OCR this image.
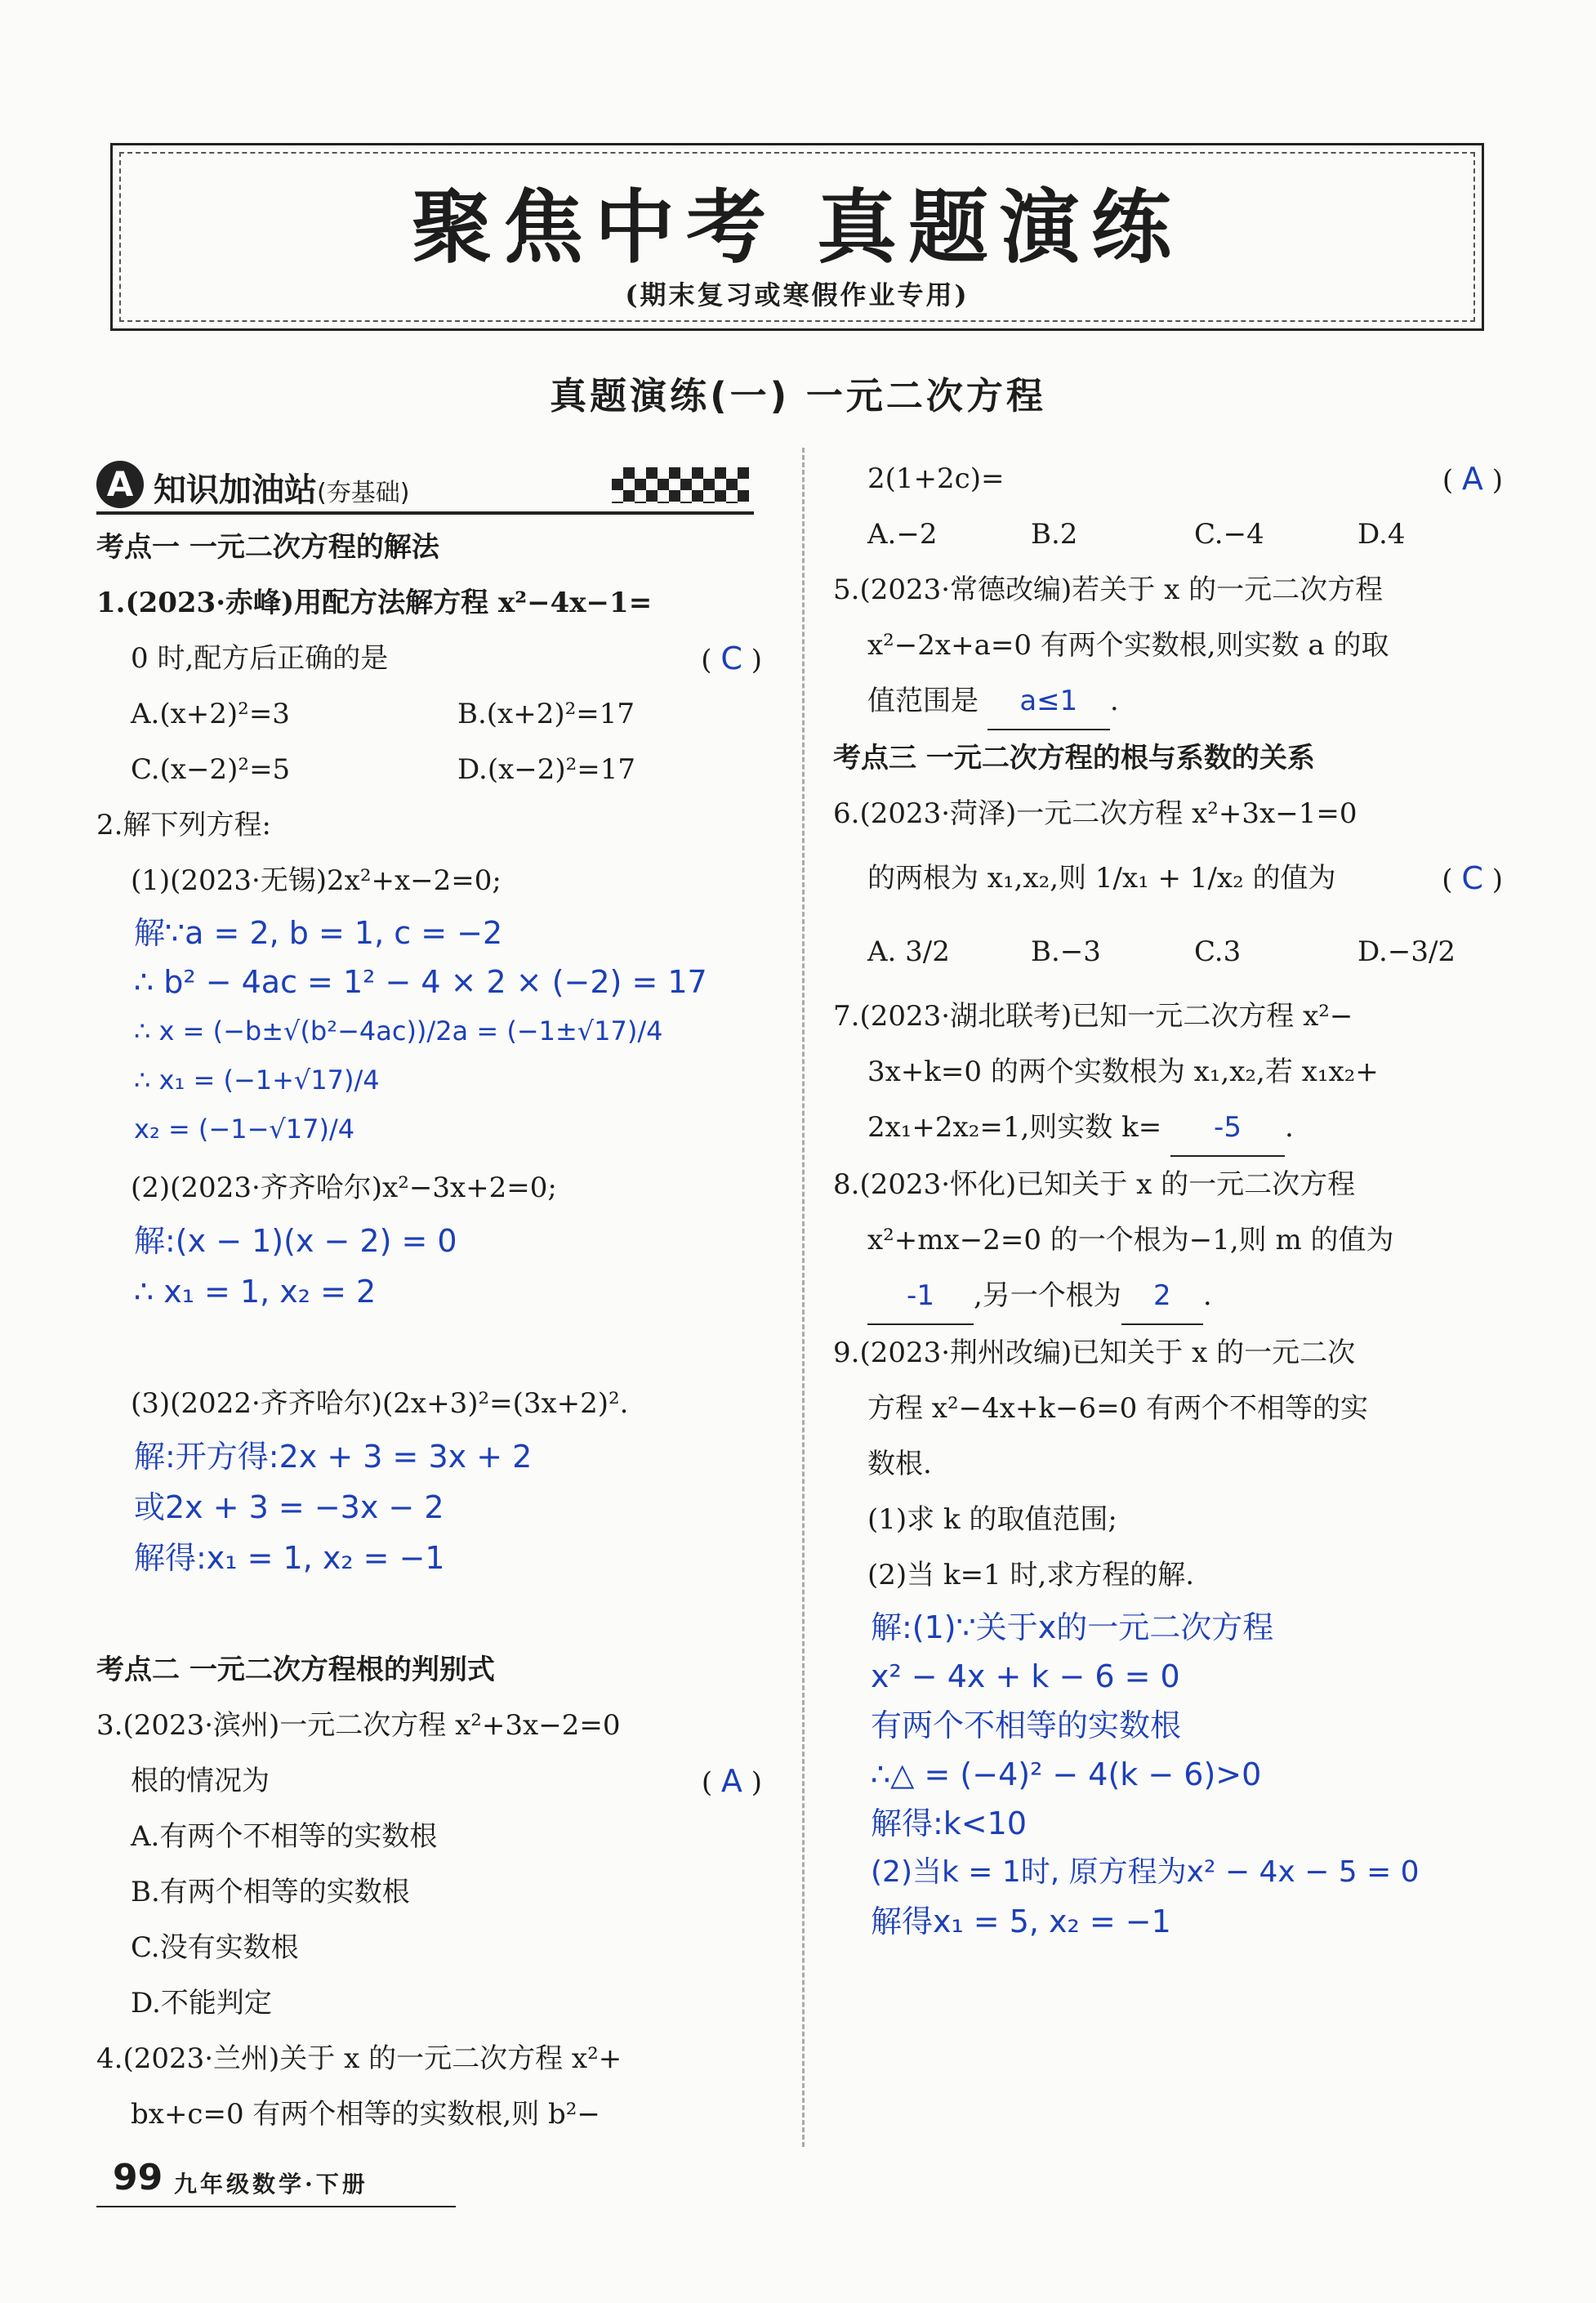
聚焦中考 真题演练
(期末复习或寒假作业专用)
真题演练(一) 一元二次方程
A 知识加油站(夯基础)
考点一 一元二次方程的解法
1.(2023·赤峰)用配方法解方程 x²−4x−1=
0 时,配方后正确的是	( C )
A.(x+2)²=3	B.(x+2)²=17
C.(x−2)²=5	D.(x−2)²=17
2.解下列方程:
(1)(2023·无锡)2x²+x−2=0;
解∵a = 2, b = 1, c = −2
∴ b² − 4ac = 1² − 4 × 2 × (−2) = 17
∴ x = (−b±√(b²−4ac))/2a = (−1±√17)/4
∴ x₁ = (−1+√17)/4
x₂ = (−1−√17)/4
(2)(2023·齐齐哈尔)x²−3x+2=0;
解:(x − 1)(x − 2) = 0
∴ x₁ = 1, x₂ = 2
(3)(2022·齐齐哈尔)(2x+3)²=(3x+2)².
解:开方得:2x + 3 = 3x + 2
或2x + 3 = −3x − 2
解得:x₁ = 1, x₂ = −1
考点二 一元二次方程根的判别式
3.(2023·滨州)一元二次方程 x²+3x−2=0
根的情况为	( A )
A.有两个不相等的实数根
B.有两个相等的实数根
C.没有实数根
D.不能判定
4.(2023·兰州)关于 x 的一元二次方程 x²+
bx+c=0 有两个相等的实数根,则 b²−
2(1+2c)=	( A )
A.−2	B.2	C.−4	D.4
5.(2023·常德改编)若关于 x 的一元二次方程
x²−2x+a=0 有两个实数根,则实数 a 的取
值范围是 a≤1 .
考点三 一元二次方程的根与系数的关系
6.(2023·菏泽)一元二次方程 x²+3x−1=0
的两根为 x₁,x₂,则 1/x₁ + 1/x₂ 的值为	( C )
A. 3/2	B.−3	C.3	D.−3/2
7.(2023·湖北联考)已知一元二次方程 x²−
3x+k=0 的两个实数根为 x₁,x₂,若 x₁x₂+
2x₁+2x₂=1,则实数 k= -5 .
8.(2023·怀化)已知关于 x 的一元二次方程
x²+mx−2=0 的一个根为−1,则 m 的值为
-1 ,另一个根为 2 .
9.(2023·荆州改编)已知关于 x 的一元二次
方程 x²−4x+k−6=0 有两个不相等的实
数根.
(1)求 k 的取值范围;
(2)当 k=1 时,求方程的解.
解:(1)∵关于x的一元二次方程
x² − 4x + k − 6 = 0
有两个不相等的实数根
∴△ = (−4)² − 4(k − 6)>0
解得:k<10
(2)当k = 1时, 原方程为x² − 4x − 5 = 0
解得x₁ = 5, x₂ = −1
99 九年级数学·下册
